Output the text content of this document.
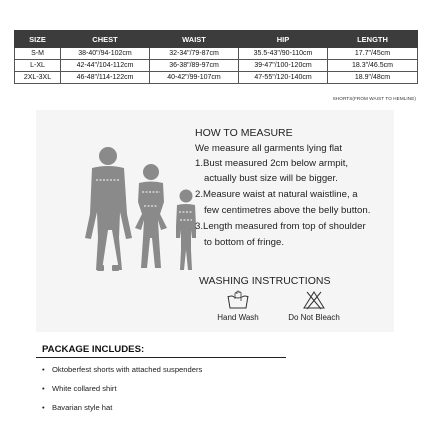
SIZE	CHEST	WAIST	HIP	LENGTH
S-M	38-40"/94-102cm	32-34"/79-87cm	35.5-43"/90-110cm	17.7"/45cm
L-XL	42-44"/104-112cm	36-38"/89-97cm	39-47"/100-120cm	18.3"/46.5cm
2XL-3XL	46-48"/114-122cm	40-42"/99-107cm	47-55"/120-140cm	18.9"/48cm
SHORTS(FROM WAIST TO HEMLINE)
HOW TO MEASURE
We measure all garments lying flat
1.Bust measured 2cm below armpit,
actually bust size will be bigger.
2.Measure waist at natural waistline, a
few centimetres above the belly button.
3.Length measured from top of shoulder
to bottom of fringe.
WASHING INSTRUCTIONS
Hand Wash	Do Not Bleach
PACKAGE INCLUDES:
• Oktoberfest shorts with attached suspenders
• White collared shirt
• Bavarian style hat
